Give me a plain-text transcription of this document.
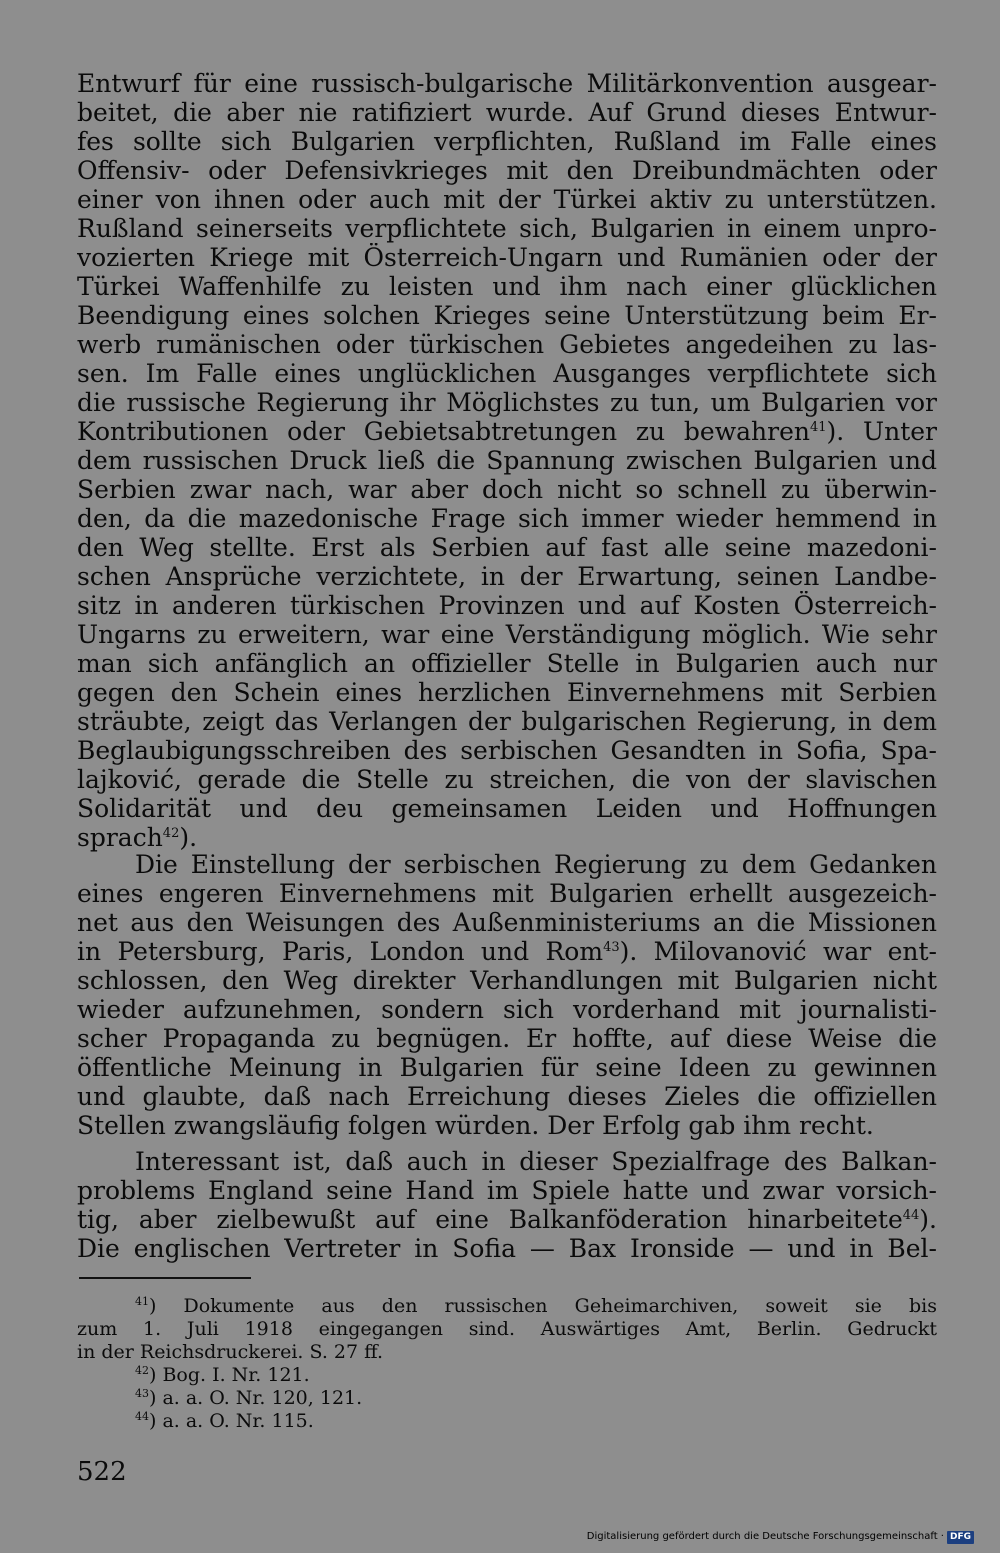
Entwurf für eine russisch-bulgarische Militärkonvention ausgear-
beitet, die aber nie ratifiziert wurde. Auf Grund dieses Entwur-
fes sollte sich Bulgarien verpflichten, Rußland im Falle eines
Offensiv- oder Defensivkrieges mit den Dreibundmächten oder
einer von ihnen oder auch mit der Türkei aktiv zu unterstützen.
Rußland seinerseits verpflichtete sich, Bulgarien in einem unpro-
vozierten Kriege mit Österreich-Ungarn und Rumänien oder der
Türkei Waffenhilfe zu leisten und ihm nach einer glücklichen
Beendigung eines solchen Krieges seine Unterstützung beim Er-
werb rumänischen oder türkischen Gebietes angedeihen zu las-
sen. Im Falle eines unglücklichen Ausganges verpflichtete sich
die russische Regierung ihr Möglichstes zu tun, um Bulgarien vor
Kontributionen oder Gebietsabtretungen zu bewahren$^{41}$). Unter
dem russischen Druck ließ die Spannung zwischen Bulgarien und
Serbien zwar nach, war aber doch nicht so schnell zu überwin-
den, da die mazedonische Frage sich immer wieder hemmend in
den Weg stellte. Erst als Serbien auf fast alle seine mazedoni-
schen Ansprüche verzichtete, in der Erwartung, seinen Landbe-
sitz in anderen türkischen Provinzen und auf Kosten Österreich-
Ungarns zu erweitern, war eine Verständigung möglich. Wie sehr
man sich anfänglich an offizieller Stelle in Bulgarien auch nur
gegen den Schein eines herzlichen Einvernehmens mit Serbien
sträubte, zeigt das Verlangen der bulgarischen Regierung, in dem
Beglaubigungsschreiben des serbischen Gesandten in Sofia, Spa-
lajković, gerade die Stelle zu streichen, die von der slavischen
Solidarität und deu gemeinsamen Leiden und Hoffnungen
sprach$^{42}$).
Die Einstellung der serbischen Regierung zu dem Gedanken
eines engeren Einvernehmens mit Bulgarien erhellt ausgezeich-
net aus den Weisungen des Außenministeriums an die Missionen
in Petersburg, Paris, London und Rom$^{43}$). Milovanović war ent-
schlossen, den Weg direkter Verhandlungen mit Bulgarien nicht
wieder aufzunehmen, sondern sich vorderhand mit journalisti-
scher Propaganda zu begnügen. Er hoffte, auf diese Weise die
öffentliche Meinung in Bulgarien für seine Ideen zu gewinnen
und glaubte, daß nach Erreichung dieses Zieles die offiziellen
Stellen zwangsläufig folgen würden. Der Erfolg gab ihm recht.
Interessant ist, daß auch in dieser Spezialfrage des Balkan-
problems England seine Hand im Spiele hatte und zwar vorsich-
tig, aber zielbewußt auf eine Balkanföderation hinarbeitete$^{44}$).
Die englischen Vertreter in Sofia — Bax Ironside — und in Bel-
$^{41}$) Dokumente aus den russischen Geheimarchiven, soweit sie bis
zum 1. Juli 1918 eingegangen sind. Auswärtiges Amt, Berlin. Gedruckt
in der Reichsdruckerei. S. 27 ff.
$^{42}$) Bog. I. Nr. 121.
$^{43}$) a. a. O. Nr. 120, 121.
$^{44}$) a. a. O. Nr. 115.
522
Digitalisierung gefördert durch die Deutsche Forschungsgemeinschaft · DFG
